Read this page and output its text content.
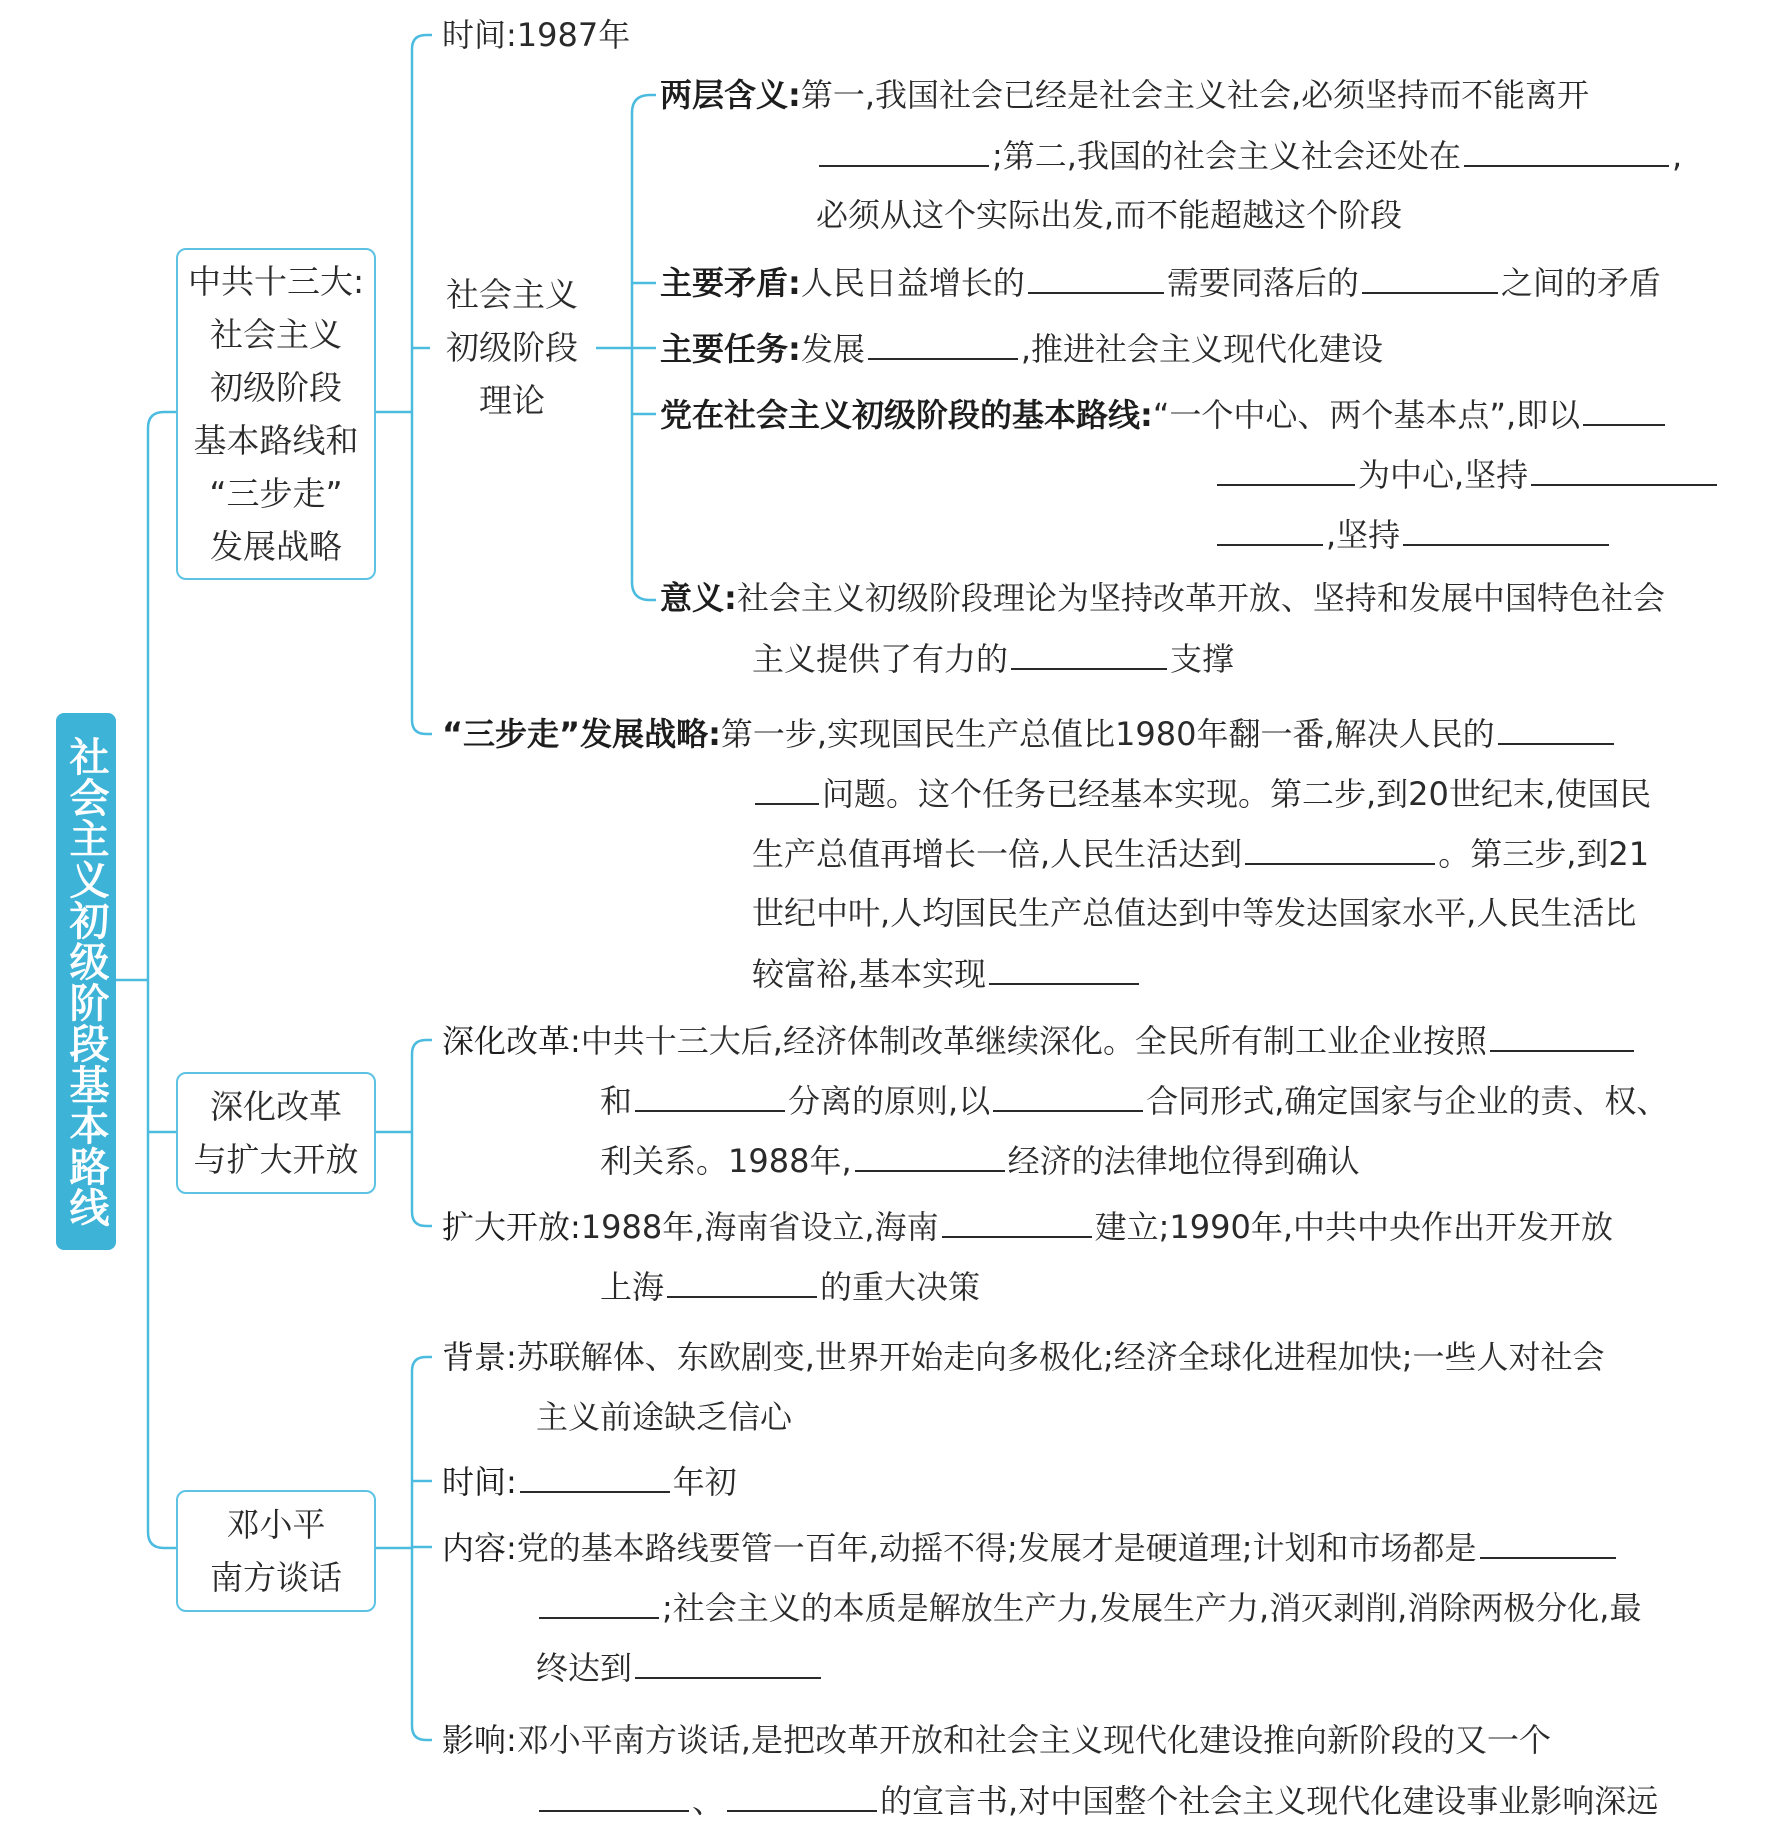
社会主义初级阶段基本路线
中共十三大:
社会主义
初级阶段
基本路线和
“三步走”
发展战略
深化改革
与扩大开放
邓小平
南方谈话
社会主义
初级阶段
理论
时间:1987年
两层含义:第一,我国社会已经是社会主义社会,必须坚持而不能离开
;第二,我国的社会主义社会还处在	,
必须从这个实际出发,而不能超越这个阶段
主要矛盾:人民日益增长的	需要同落后的	之间的矛盾
主要任务:发展	,推进社会主义现代化建设
党在社会主义初级阶段的基本路线:“一个中心、两个基本点”,即以
为中心,坚持
,坚持
意义:社会主义初级阶段理论为坚持改革开放、坚持和发展中国特色社会
主义提供了有力的	支撑
“三步走”发展战略:第一步,实现国民生产总值比1980年翻一番,解决人民的
问题。这个任务已经基本实现。第二步,到20世纪末,使国民
生产总值再增长一倍,人民生活达到	。第三步,到21
世纪中叶,人均国民生产总值达到中等发达国家水平,人民生活比
较富裕,基本实现
深化改革:中共十三大后,经济体制改革继续深化。全民所有制工业企业按照
和	分离的原则,以	合同形式,确定国家与企业的责、权、
利关系。1988年,	经济的法律地位得到确认
扩大开放:1988年,海南省设立,海南	建立;1990年,中共中央作出开发开放
上海	的重大决策
背景:苏联解体、东欧剧变,世界开始走向多极化;经济全球化进程加快;一些人对社会
主义前途缺乏信心
时间:	年初
内容:党的基本路线要管一百年,动摇不得;发展才是硬道理;计划和市场都是
;社会主义的本质是解放生产力,发展生产力,消灭剥削,消除两极分化,最
终达到
影响:邓小平南方谈话,是把改革开放和社会主义现代化建设推向新阶段的又一个
、	的宣言书,对中国整个社会主义现代化建设事业影响深远
